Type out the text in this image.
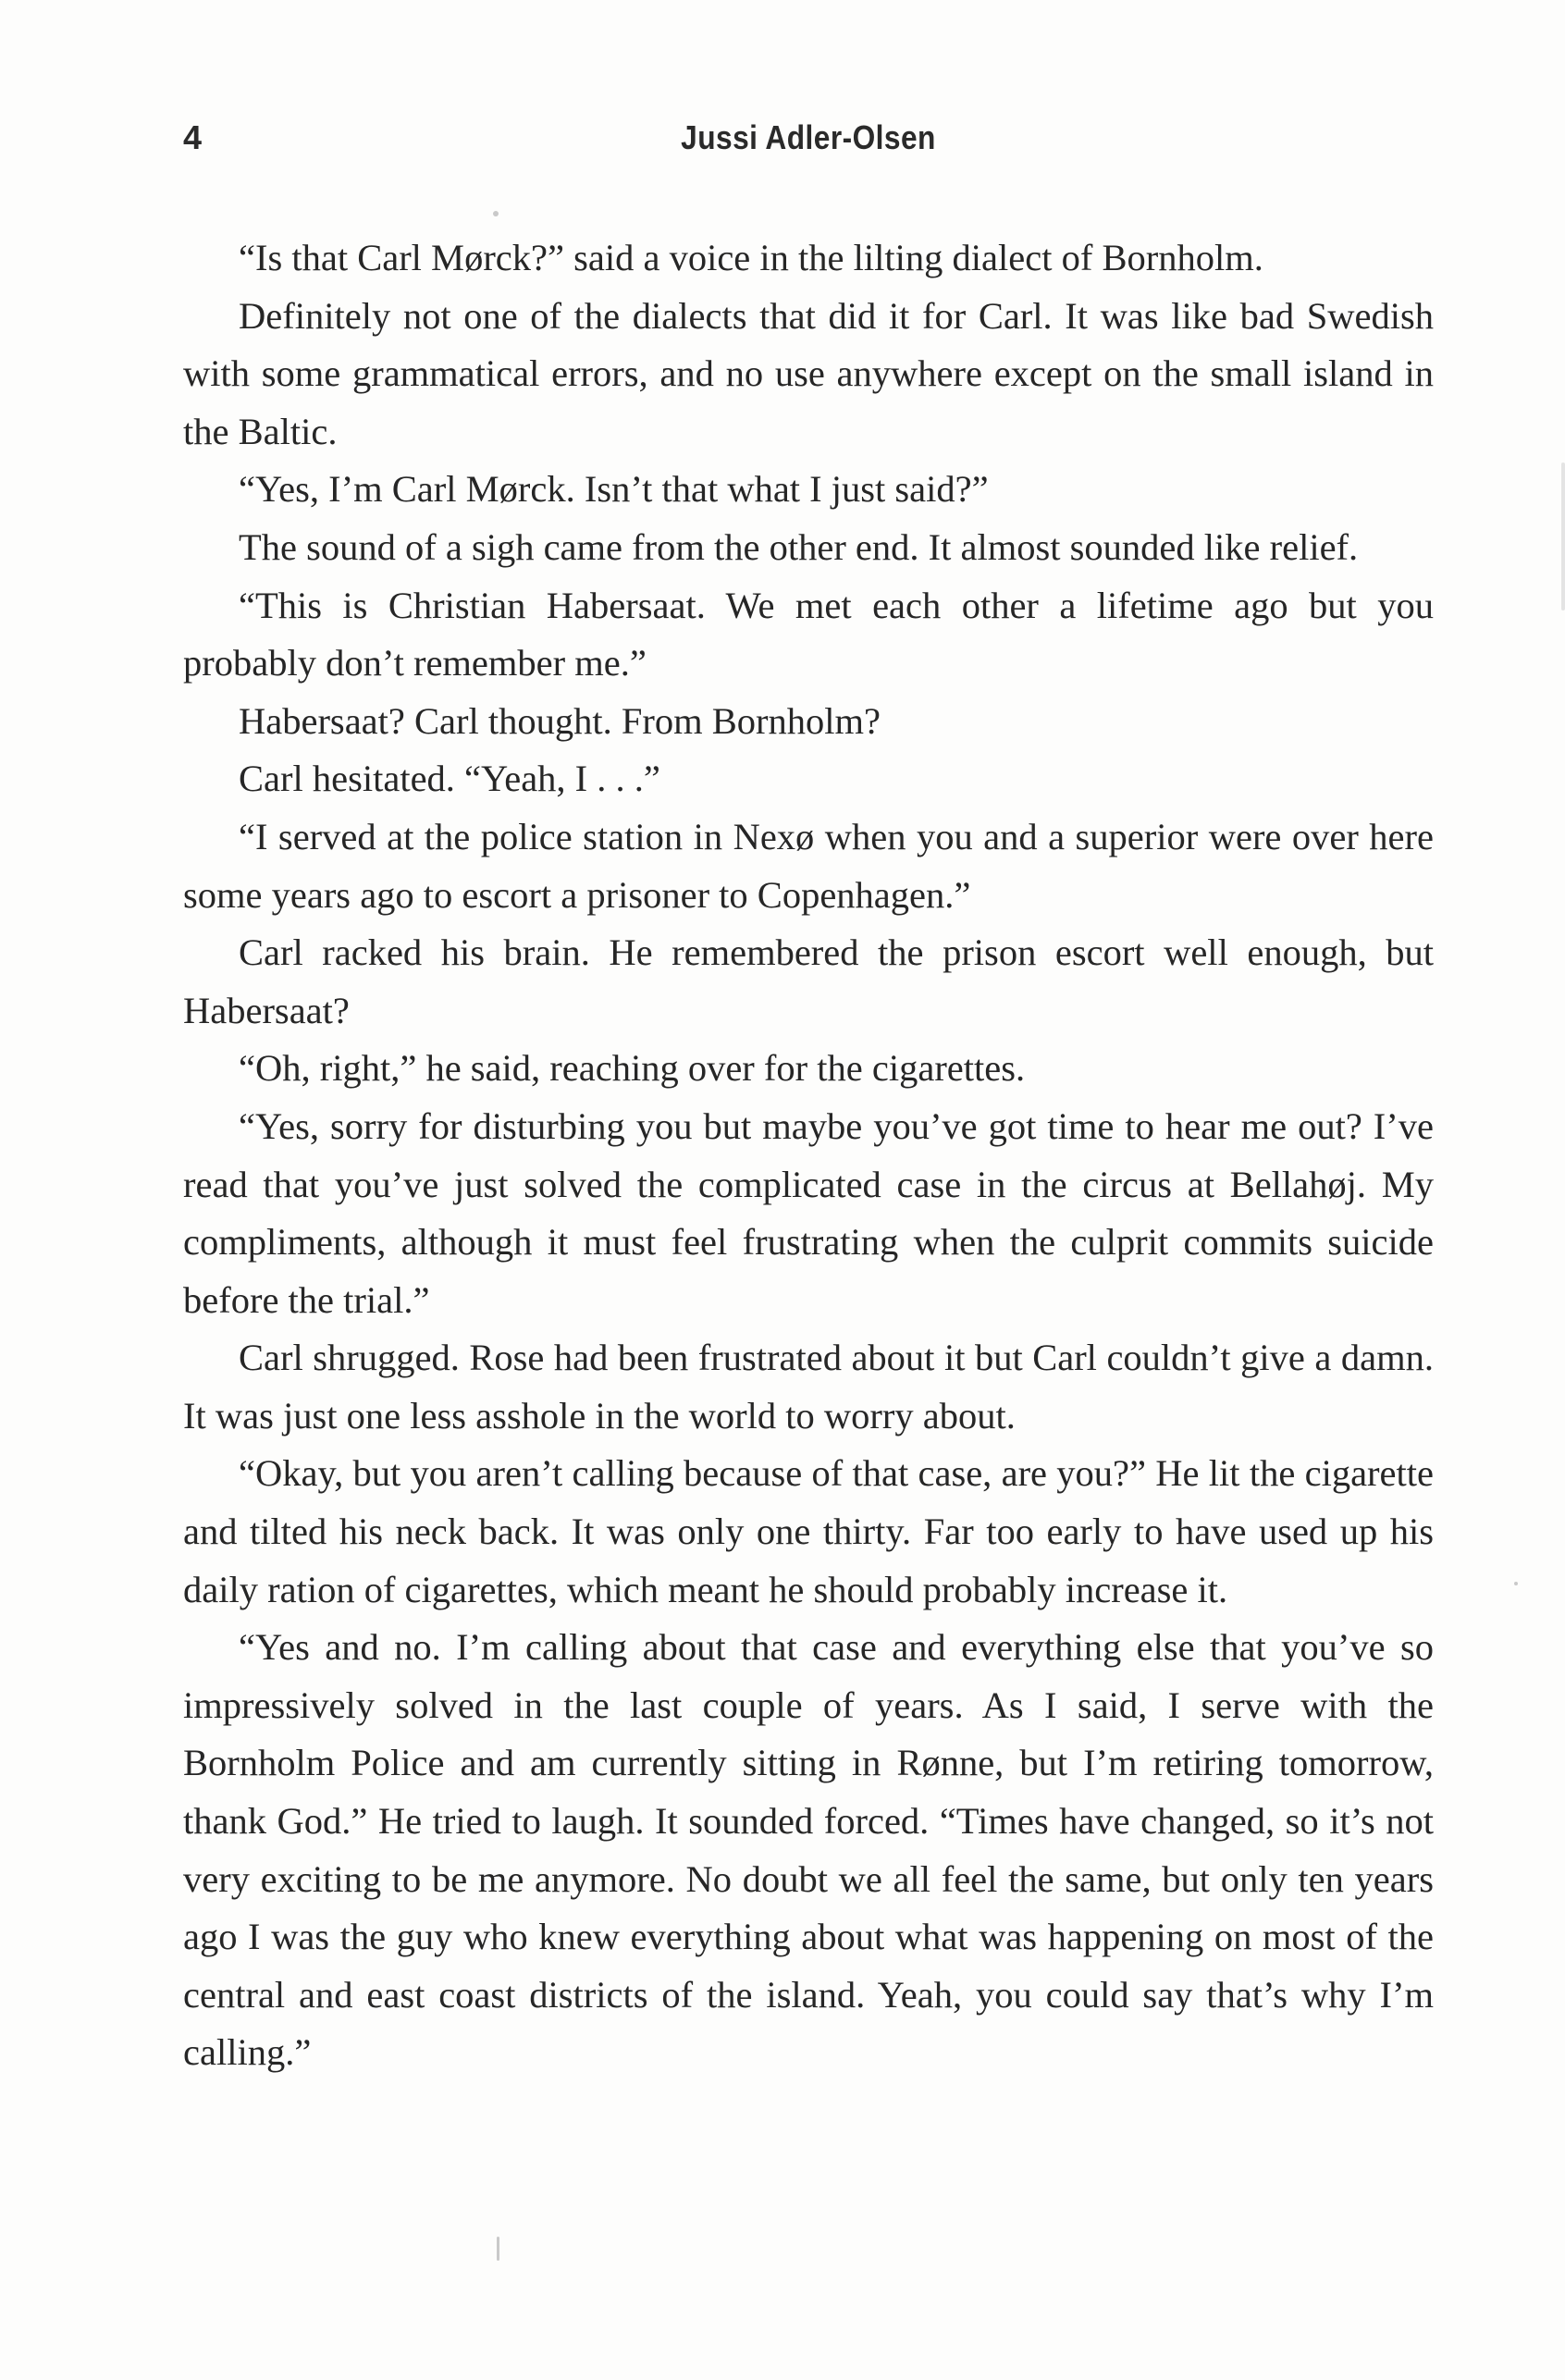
4	Jussi Adler-Olsen

“Is that Carl Mørck?” said a voice in the lilting dialect of Bornholm.

Definitely not one of the dialects that did it for Carl. It was like bad Swedish with some grammatical errors, and no use anywhere except on the small island in the Baltic.

“Yes, I’m Carl Mørck. Isn’t that what I just said?”

The sound of a sigh came from the other end. It almost sounded like relief.

“This is Christian Habersaat. We met each other a lifetime ago but you probably don’t remember me.”

Habersaat? Carl thought. From Bornholm?

Carl hesitated. “Yeah, I . . .”

“I served at the police station in Nexø when you and a superior were over here some years ago to escort a prisoner to Copenhagen.”

Carl racked his brain. He remembered the prison escort well enough, but Habersaat?

“Oh, right,” he said, reaching over for the cigarettes.

“Yes, sorry for disturbing you but maybe you’ve got time to hear me out? I’ve read that you’ve just solved the complicated case in the circus at Bellahøj. My compliments, although it must feel frustrating when the culprit commits suicide before the trial.”

Carl shrugged. Rose had been frustrated about it but Carl couldn’t give a damn. It was just one less asshole in the world to worry about.

“Okay, but you aren’t calling because of that case, are you?” He lit the cigarette and tilted his neck back. It was only one thirty. Far too early to have used up his daily ration of cigarettes, which meant he should probably increase it.

“Yes and no. I’m calling about that case and everything else that you’ve so impressively solved in the last couple of years. As I said, I serve with the Bornholm Police and am currently sitting in Rønne, but I’m retiring tomorrow, thank God.” He tried to laugh. It sounded forced. “Times have changed, so it’s not very exciting to be me anymore. No doubt we all feel the same, but only ten years ago I was the guy who knew everything about what was happening on most of the central and east coast districts of the island. Yeah, you could say that’s why I’m calling.”
